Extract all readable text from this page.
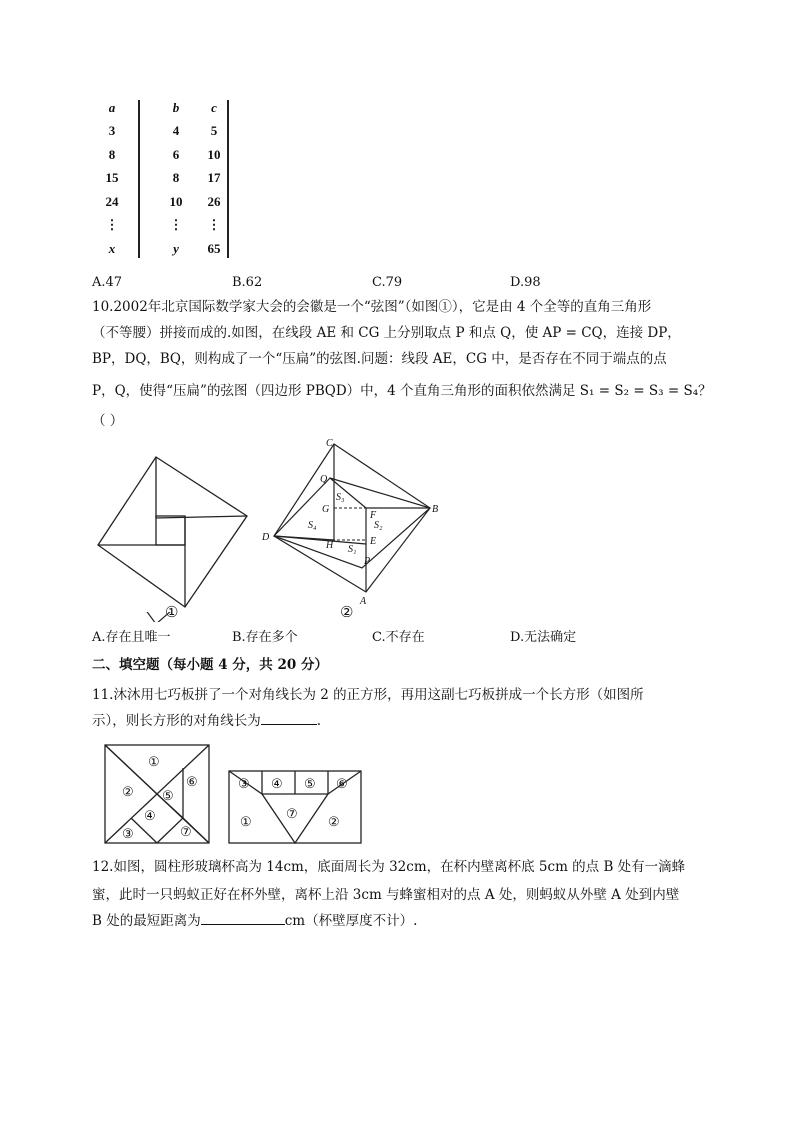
a		b	c
3		4	5
8		6	10
15		8	17
24		10	26
⋮		⋮	⋮
x		y	65
A.47	B.62	C.79	D.98
10.2002年北京国际数学家大会的会徽是一个“弦图”（如图①），它是由 4 个全等的直角三角形
（不等腰）拼接而成的.如图，在线段 AE 和 CG 上分别取点 P 和点 Q，使 AP = CQ，连接 DP，
BP，DQ，BQ，则构成了一个“压扁”的弦图.问题：线段 AE，CG 中，是否存在不同于端点的点
P，Q，使得“压扁”的弦图（四边形 PBQD）中，4 个直角三角形的面积依然满足 S₁ = S₂ = S₃ = S₄？
（ ）
①
C
Q
G
F
B
D
H	E
P
A
S₃
S₂
S₄
S₁
②
A.存在且唯一	B.存在多个	C.不存在	D.无法确定
二、填空题（每小题 4 分，共 20 分）
11.沐沐用七巧板拼了一个对角线长为 2 的正方形，再用这副七巧板拼成一个长方形（如图所
示），则长方形的对角线长为	.
①
②
③
④
⑤
⑥
⑦
③ ④ ⑤ ⑥
①
⑦
②
12.如图，圆柱形玻璃杯高为 14cm，底面周长为 32cm，在杯内壁离杯底 5cm 的点 B 处有一滴蜂
蜜，此时一只蚂蚁正好在杯外壁，离杯上沿 3cm 与蜂蜜相对的点 A 处，则蚂蚁从外壁 A 处到内壁
B 处的最短距离为	cm（杯壁厚度不计）.
